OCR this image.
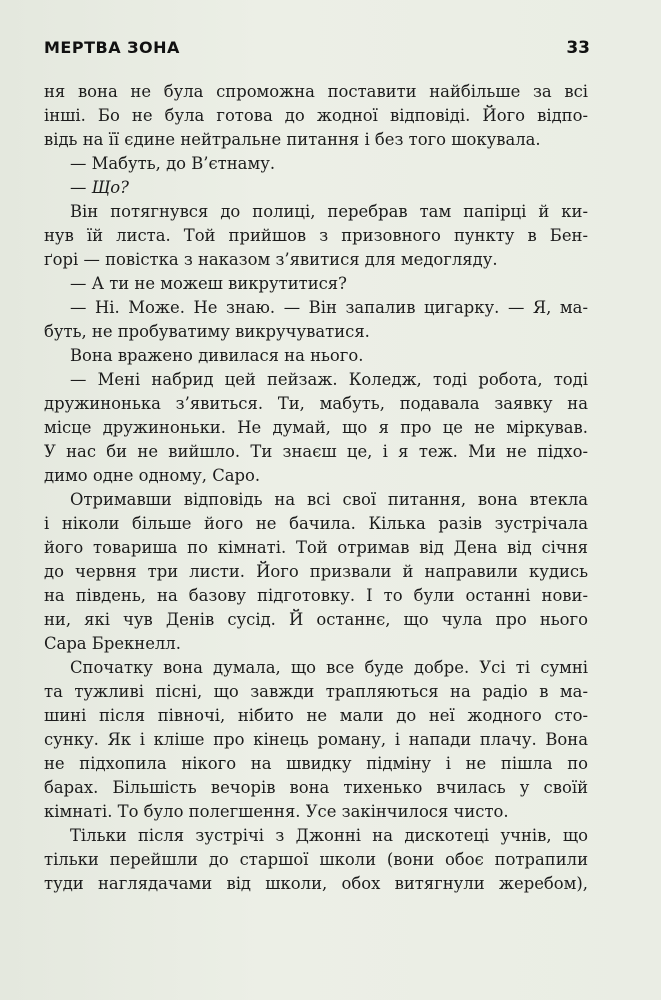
МЕРТВА ЗОНА	33
ня вона не була спроможна поставити найбільше за всі
інші. Бо не була готова до жодної відповіді. Його відпо-
відь на її єдине нейтральне питання і без того шокувала.
— Мабуть, до В’єтнаму.
— Що?
Він потягнувся до полиці, перебрав там папірці й ки-
нув їй листа. Той прийшов з призовного пункту в Бен-
ґорі — повістка з наказом з’явитися для медогляду.
— А ти не можеш викрутитися?
— Ні. Може. Не знаю. — Він запалив цигарку. — Я, ма-
буть, не пробуватиму викручуватися.
Вона вражено дивилася на нього.
— Мені набрид цей пейзаж. Коледж, тоді робота, тоді
дружинонька з’явиться. Ти, мабуть, подавала заявку на
місце дружиноньки. Не думай, що я про це не міркував.
У нас би не вийшло. Ти знаєш це, і я теж. Ми не підхо-
димо одне одному, Саро.
Отримавши відповідь на всі свої питання, вона втекла
і ніколи більше його не бачила. Кілька разів зустрічала
його товариша по кімнаті. Той отримав від Дена від січня
до червня три листи. Його призвали й направили кудись
на південь, на базову підготовку. І то були останні нови-
ни, які чув Денів сусід. Й останнє, що чула про нього
Сара Брекнелл.
Спочатку вона думала, що все буде добре. Усі ті сумні
та тужливі пісні, що завжди трапляються на радіо в ма-
шині після півночі, нібито не мали до неї жодного сто-
сунку. Як і кліше про кінець роману, і напади плачу. Вона
не підхопила нікого на швидку підміну і не пішла по
барах. Більшість вечорів вона тихенько вчилась у своїй
кімнаті. То було полегшення. Усе закінчилося чисто.
Тільки після зустрічі з Джонні на дискотеці учнів, що
тільки перейшли до старшої школи (вони обоє потрапили
туди наглядачами від школи, обох витягнули жеребом),
